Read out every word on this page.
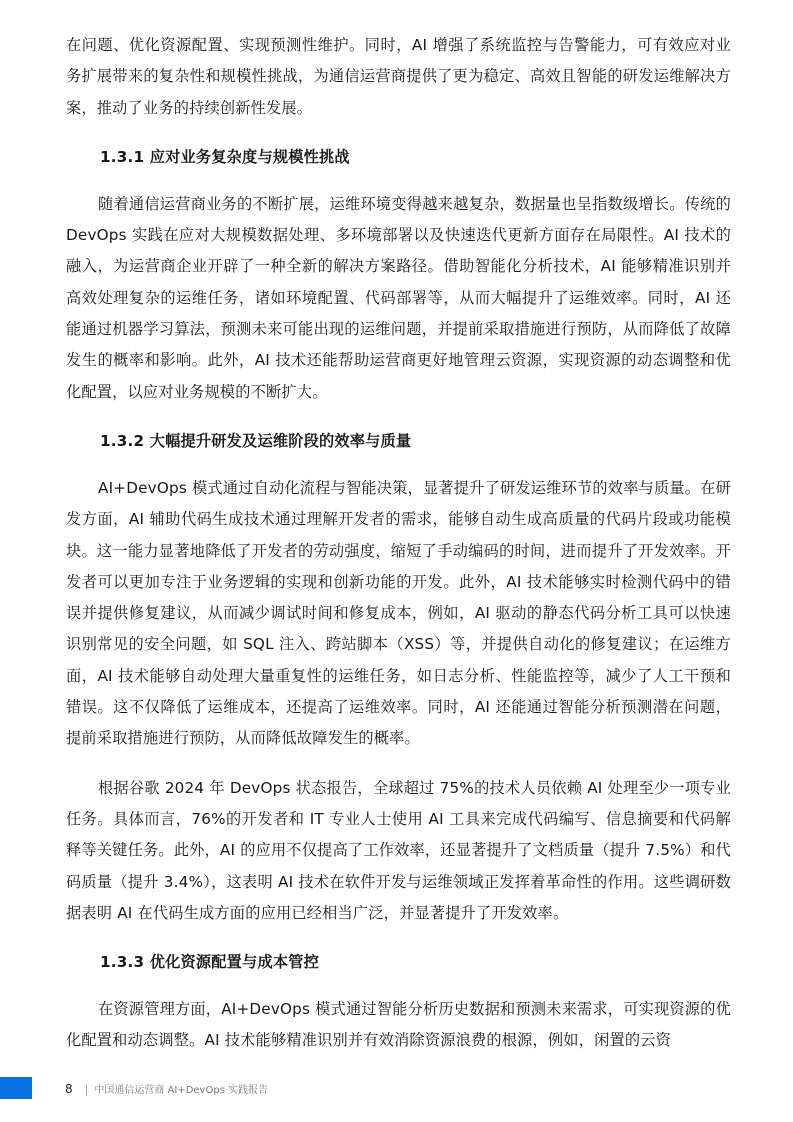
在问题、优化资源配置、实现预测性维护。同时，AI 增强了系统监控与告警能力，可有效应对业务扩展带来的复杂性和规模性挑战，为通信运营商提供了更为稳定、高效且智能的研发运维解决方案，推动了业务的持续创新性发展。

1.3.1 应对业务复杂度与规模性挑战

随着通信运营商业务的不断扩展，运维环境变得越来越复杂，数据量也呈指数级增长。传统的 DevOps 实践在应对大规模数据处理、多环境部署以及快速迭代更新方面存在局限性。AI 技术的融入，为运营商企业开辟了一种全新的解决方案路径。借助智能化分析技术，AI 能够精准识别并高效处理复杂的运维任务，诸如环境配置、代码部署等，从而大幅提升了运维效率。同时，AI 还能通过机器学习算法，预测未来可能出现的运维问题，并提前采取措施进行预防，从而降低了故障发生的概率和影响。此外，AI 技术还能帮助运营商更好地管理云资源，实现资源的动态调整和优化配置，以应对业务规模的不断扩大。

1.3.2 大幅提升研发及运维阶段的效率与质量

AI+DevOps 模式通过自动化流程与智能决策，显著提升了研发运维环节的效率与质量。在研发方面，AI 辅助代码生成技术通过理解开发者的需求，能够自动生成高质量的代码片段或功能模块。这一能力显著地降低了开发者的劳动强度，缩短了手动编码的时间，进而提升了开发效率。开发者可以更加专注于业务逻辑的实现和创新功能的开发。此外，AI 技术能够实时检测代码中的错误并提供修复建议，从而减少调试时间和修复成本，例如，AI 驱动的静态代码分析工具可以快速识别常见的安全问题，如 SQL 注入、跨站脚本（XSS）等，并提供自动化的修复建议；在运维方面，AI 技术能够自动处理大量重复性的运维任务，如日志分析、性能监控等，减少了人工干预和错误。这不仅降低了运维成本，还提高了运维效率。同时，AI 还能通过智能分析预测潜在问题，提前采取措施进行预防，从而降低故障发生的概率。

根据谷歌 2024 年 DevOps 状态报告，全球超过 75%的技术人员依赖 AI 处理至少一项专业任务。具体而言，76%的开发者和 IT 专业人士使用 AI 工具来完成代码编写、信息摘要和代码解释等关键任务。此外，AI 的应用不仅提高了工作效率，还显著提升了文档质量（提升 7.5%）和代码质量（提升 3.4%），这表明 AI 技术在软件开发与运维领域正发挥着革命性的作用。这些调研数据表明 AI 在代码生成方面的应用已经相当广泛，并显著提升了开发效率。

1.3.3 优化资源配置与成本管控

在资源管理方面，AI+DevOps 模式通过智能分析历史数据和预测未来需求，可实现资源的优化配置和动态调整。AI 技术能够精准识别并有效消除资源浪费的根源，例如，闲置的云资

8 | 中国通信运营商 AI+DevOps 实践报告
